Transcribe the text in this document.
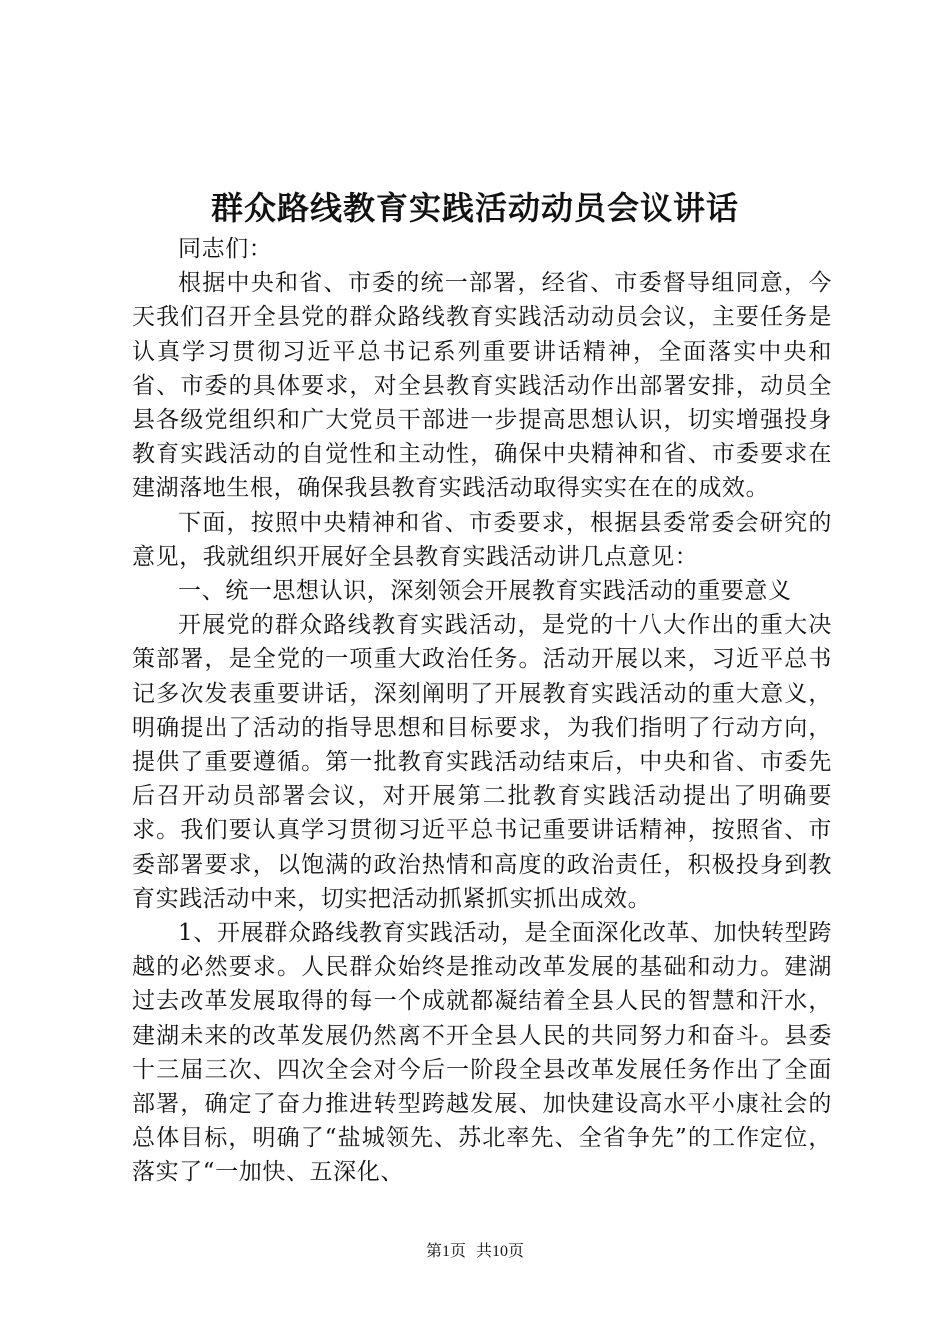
群众路线教育实践活动动员会议讲话

同志们：

根据中央和省、市委的统一部署，经省、市委督导组同意，今天我们召开全县党的群众路线教育实践活动动员会议，主要任务是认真学习贯彻习近平总书记系列重要讲话精神，全面落实中央和省、市委的具体要求，对全县教育实践活动作出部署安排，动员全县各级党组织和广大党员干部进一步提高思想认识，切实增强投身教育实践活动的自觉性和主动性，确保中央精神和省、市委要求在建湖落地生根，确保我县教育实践活动取得实实在在的成效。

下面，按照中央精神和省、市委要求，根据县委常委会研究的意见，我就组织开展好全县教育实践活动讲几点意见：

一、统一思想认识，深刻领会开展教育实践活动的重要意义

开展党的群众路线教育实践活动，是党的十八大作出的重大决策部署，是全党的一项重大政治任务。活动开展以来，习近平总书记多次发表重要讲话，深刻阐明了开展教育实践活动的重大意义，明确提出了活动的指导思想和目标要求，为我们指明了行动方向，提供了重要遵循。第一批教育实践活动结束后，中央和省、市委先后召开动员部署会议，对开展第二批教育实践活动提出了明确要求。我们要认真学习贯彻习近平总书记重要讲话精神，按照省、市委部署要求，以饱满的政治热情和高度的政治责任，积极投身到教育实践活动中来，切实把活动抓紧抓实抓出成效。

1、开展群众路线教育实践活动，是全面深化改革、加快转型跨越的必然要求。人民群众始终是推动改革发展的基础和动力。建湖过去改革发展取得的每一个成就都凝结着全县人民的智慧和汗水，建湖未来的改革发展仍然离不开全县人民的共同努力和奋斗。县委十三届三次、四次全会对今后一阶段全县改革发展任务作出了全面部署，确定了奋力推进转型跨越发展、加快建设高水平小康社会的总体目标，明确了“盐城领先、苏北率先、全省争先”的工作定位，落实了“一加快、五深化、

第1页 共10页
